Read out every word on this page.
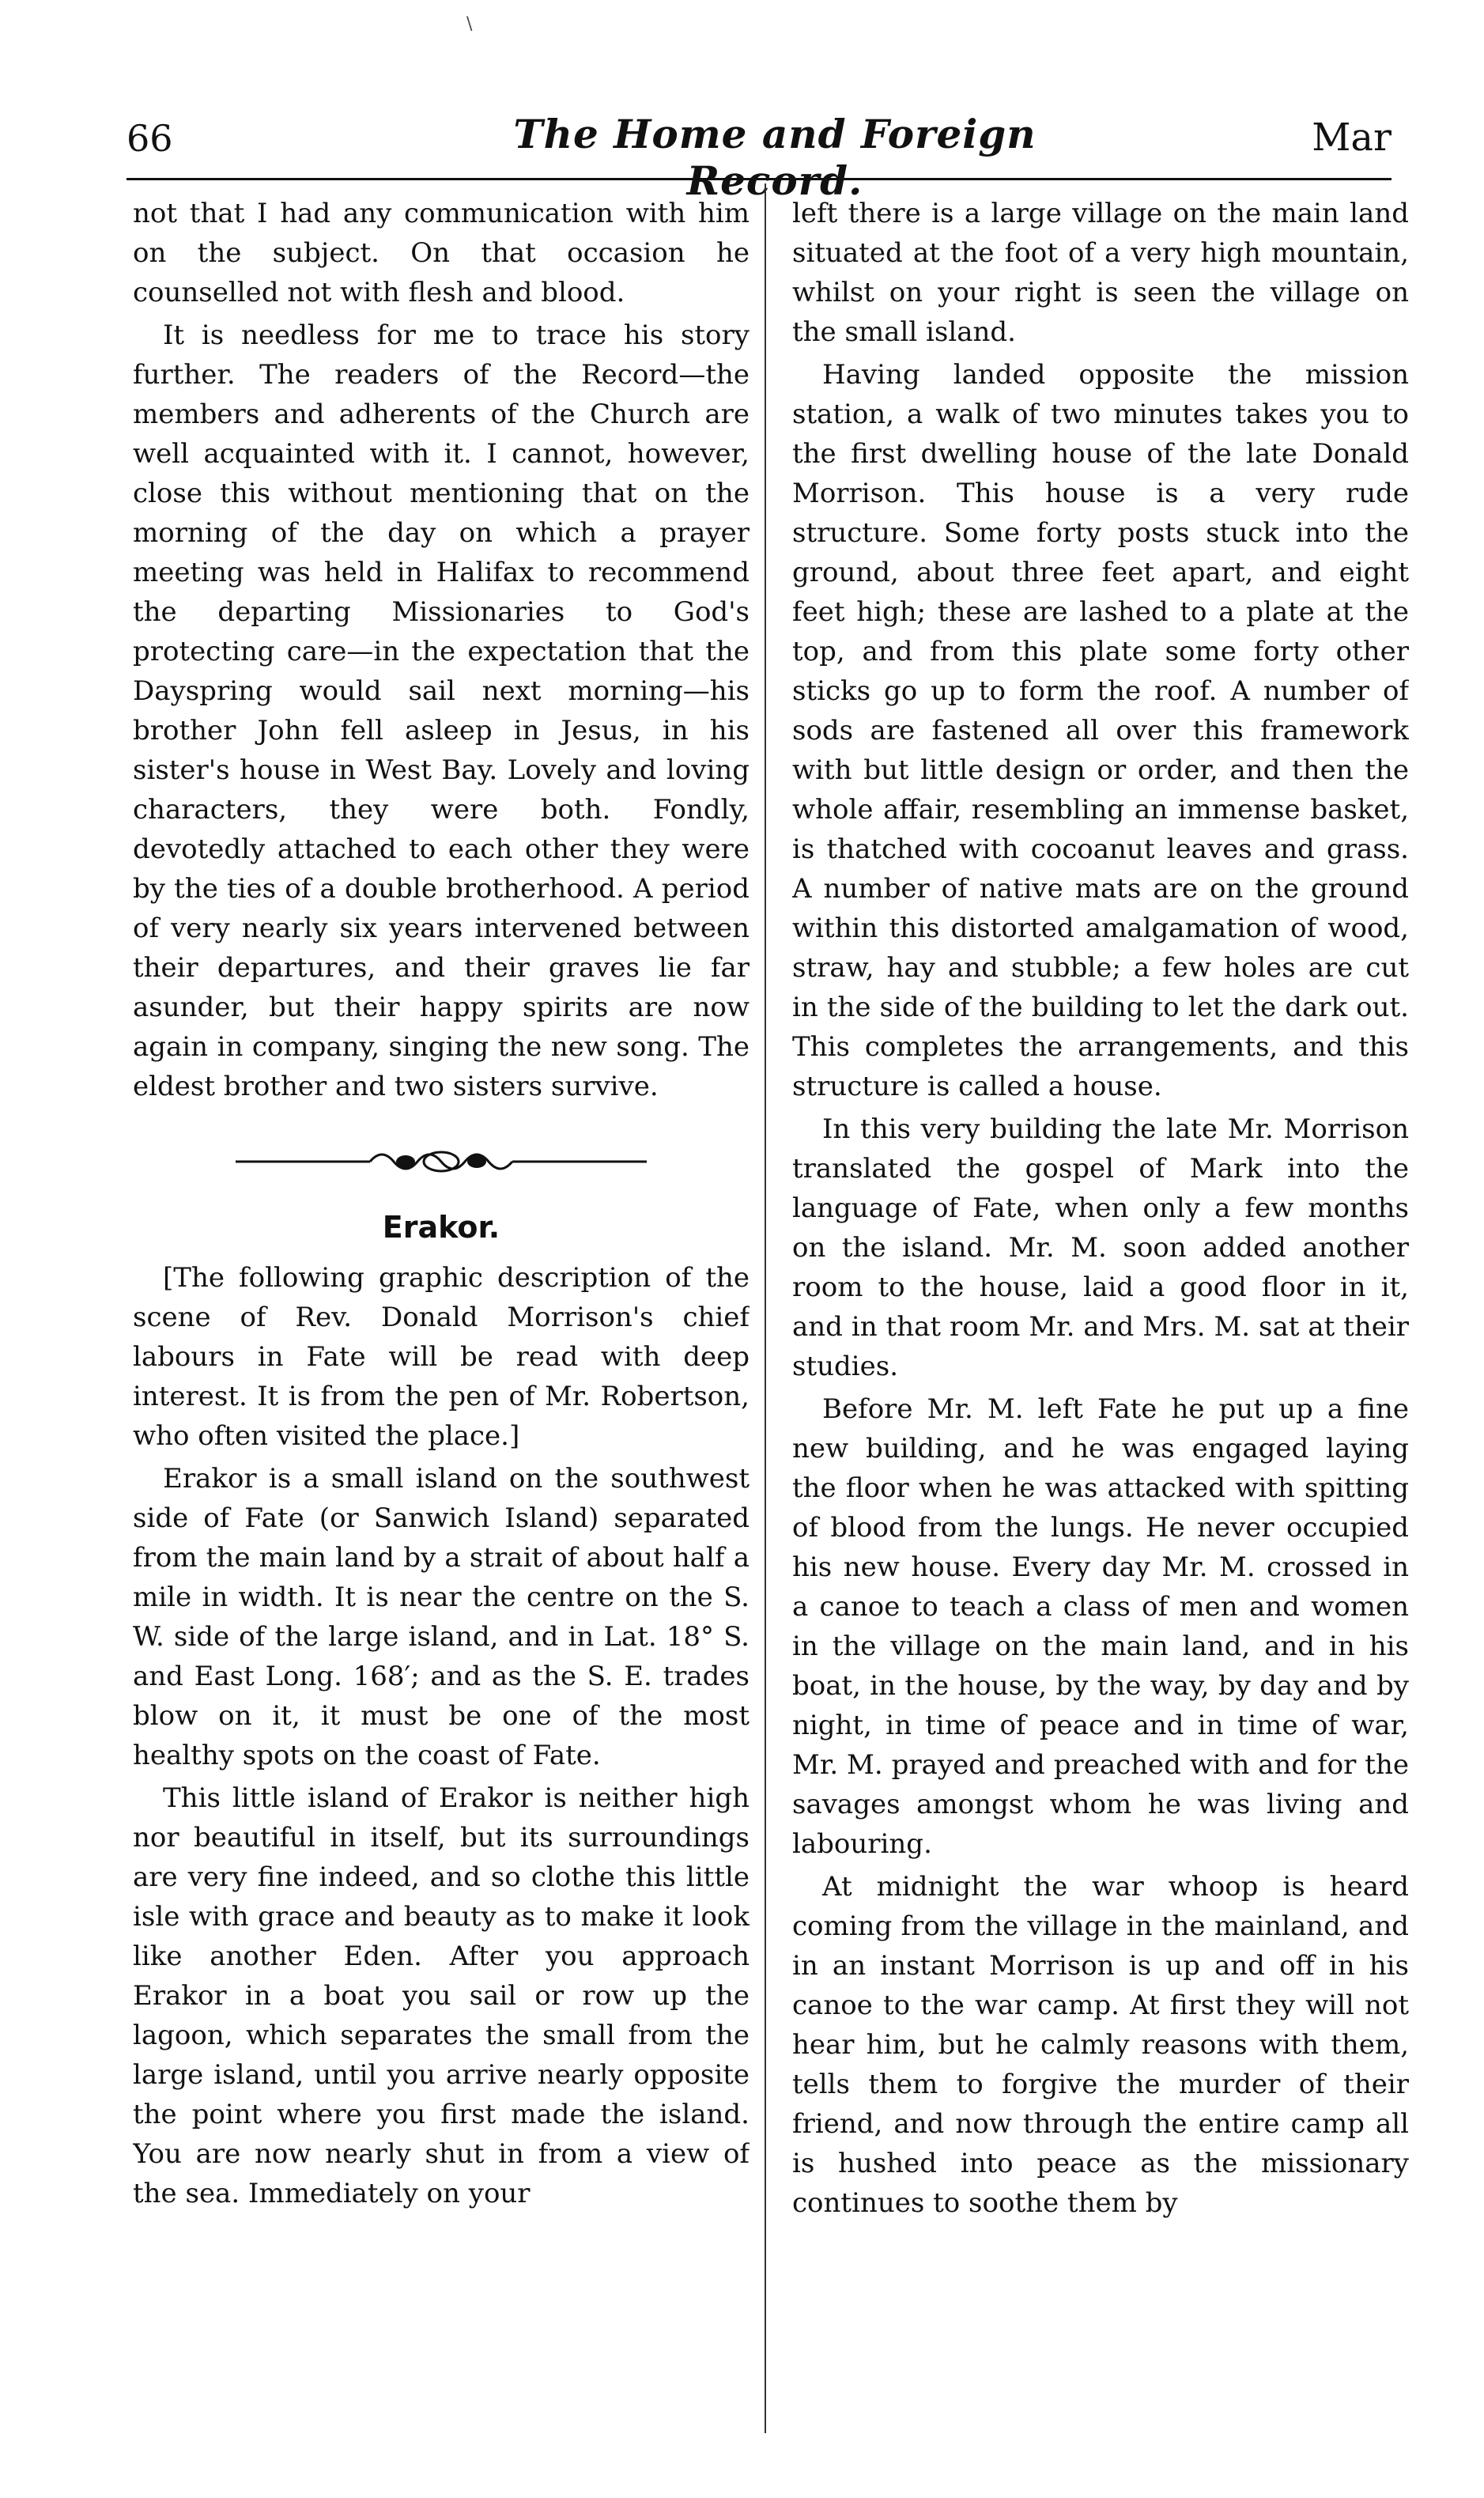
\
66	The Home and Foreign Record.
Mar

not that I had any communication with him on the subject. On that occasion he counselled not with flesh and blood.

It is needless for me to trace his story further. The readers of the Record—the members and adherents of the Church are well acquainted with it. I cannot, however, close this without mentioning that on the morning of the day on which a prayer meeting was held in Halifax to recommend the departing Missionaries to God's protecting care—in the expectation that the Dayspring would sail next morning—his brother John fell asleep in Jesus, in his sister's house in West Bay. Lovely and loving characters, they were both. Fondly, devotedly attached to each other they were by the ties of a double brotherhood. A period of very nearly six years intervened between their departures, and their graves lie far asunder, but their happy spirits are now again in company, singing the new song. The eldest brother and two sisters survive.

Erakor.

[The following graphic description of the scene of Rev. Donald Morrison's chief labours in Fate will be read with deep interest. It is from the pen of Mr. Robertson, who often visited the place.]

Erakor is a small island on the southwest side of Fate (or Sanwich Island) separated from the main land by a strait of about half a mile in width. It is near the centre on the S. W. side of the large island, and in Lat. 18° S. and East Long. 168′; and as the S. E. trades blow on it, it must be one of the most healthy spots on the coast of Fate.

This little island of Erakor is neither high nor beautiful in itself, but its surroundings are very fine indeed, and so clothe this little isle with grace and beauty as to make it look like another Eden. After you approach Erakor in a boat you sail or row up the lagoon, which separates the small from the large island, until you arrive nearly opposite the point where you first made the island. You are now nearly shut in from a view of the sea. Immediately on your

left there is a large village on the main land situated at the foot of a very high mountain, whilst on your right is seen the village on the small island.

Having landed opposite the mission station, a walk of two minutes takes you to the first dwelling house of the late Donald Morrison. This house is a very rude structure. Some forty posts stuck into the ground, about three feet apart, and eight feet high; these are lashed to a plate at the top, and from this plate some forty other sticks go up to form the roof. A number of sods are fastened all over this framework with but little design or order, and then the whole affair, resembling an immense basket, is thatched with cocoanut leaves and grass. A number of native mats are on the ground within this distorted amalgamation of wood, straw, hay and stubble; a few holes are cut in the side of the building to let the dark out. This completes the arrangements, and this structure is called a house.

In this very building the late Mr. Morrison translated the gospel of Mark into the language of Fate, when only a few months on the island. Mr. M. soon added another room to the house, laid a good floor in it, and in that room Mr. and Mrs. M. sat at their studies.

Before Mr. M. left Fate he put up a fine new building, and he was engaged laying the floor when he was attacked with spitting of blood from the lungs. He never occupied his new house. Every day Mr. M. crossed in a canoe to teach a class of men and women in the village on the main land, and in his boat, in the house, by the way, by day and by night, in time of peace and in time of war, Mr. M. prayed and preached with and for the savages amongst whom he was living and labouring.

At midnight the war whoop is heard coming from the village in the mainland, and in an instant Morrison is up and off in his canoe to the war camp. At first they will not hear him, but he calmly reasons with them, tells them to forgive the murder of their friend, and now through the entire camp all is hushed into peace as the missionary continues to soothe them by
